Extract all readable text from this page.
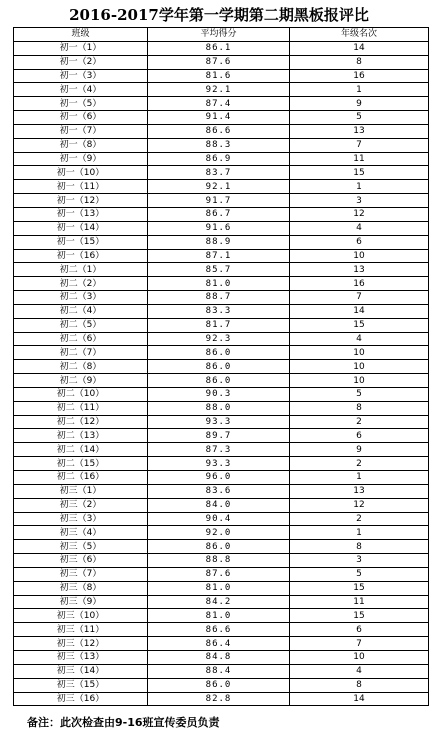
2016-2017学年第一学期第二期黑板报评比
班级	平均得分	年级名次
初一（1）	86.1	14
初一（2）	87.6	8
初一（3）	81.6	16
初一（4）	92.1	1
初一（5）	87.4	9
初一（6）	91.4	5
初一（7）	86.6	13
初一（8）	88.3	7
初一（9）	86.9	11
初一（10）	83.7	15
初一（11）	92.1	1
初一（12）	91.7	3
初一（13）	86.7	12
初一（14）	91.6	4
初一（15）	88.9	6
初一（16）	87.1	10
初二（1）	85.7	13
初二（2）	81.0	16
初二（3）	88.7	7
初二（4）	83.3	14
初二（5）	81.7	15
初二（6）	92.3	4
初二（7）	86.0	10
初二（8）	86.0	10
初二（9）	86.0	10
初二（10）	90.3	5
初二（11）	88.0	8
初二（12）	93.3	2
初二（13）	89.7	6
初二（14）	87.3	9
初二（15）	93.3	2
初二（16）	96.0	1
初三（1）	83.6	13
初三（2）	84.0	12
初三（3）	90.4	2
初三（4）	92.0	1
初三（5）	86.0	8
初三（6）	88.8	3
初三（7）	87.6	5
初三（8）	81.0	15
初三（9）	84.2	11
初三（10）	81.0	15
初三（11）	86.6	6
初三（12）	86.4	7
初三（13）	84.8	10
初三（14）	88.4	4
初三（15）	86.0	8
初三（16）	82.8	14
备注：此次检查由9-16班宣传委员负责
